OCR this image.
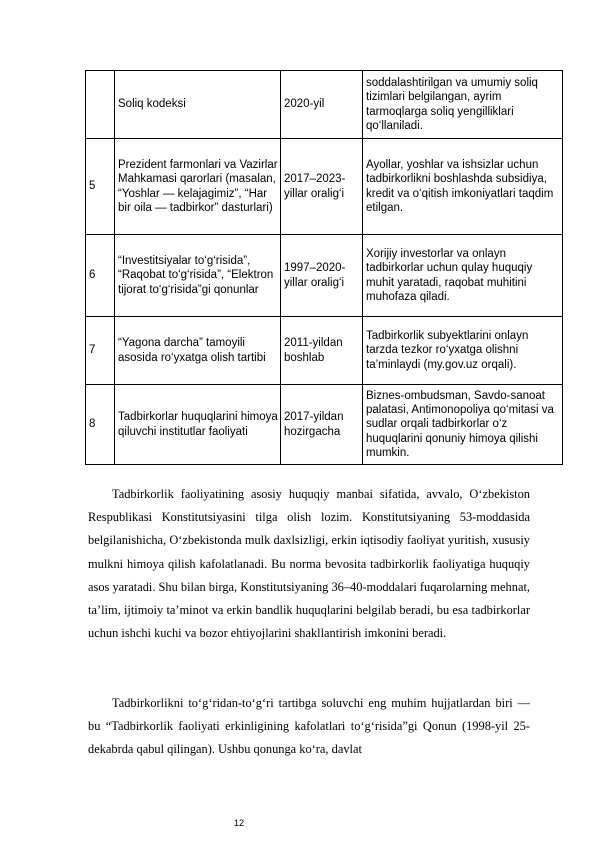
	Soliq kodeksi	2020-yil	soddalashtirilgan va umumiy soliq tizimlari belgilangan, ayrim tarmoqlarga soliq yengilliklari qo‘llaniladi.
5	Prezident farmonlari va Vazirlar Mahkamasi qarorlari (masalan, “Yoshlar — kelajagimiz”, “Har bir oila — tadbirkor” dasturlari)	2017–2023-yillar oralig‘i	Ayollar, yoshlar va ishsizlar uchun tadbirkorlikni boshlashda subsidiya, kredit va o‘qitish imkoniyatlari taqdim etilgan.
6	“Investitsiyalar to‘g‘risida”, “Raqobat to‘g‘risida”, “Elektron tijorat to‘g‘risida”gi qonunlar	1997–2020-yillar oralig‘i	Xorijiy investorlar va onlayn tadbirkorlar uchun qulay huquqiy muhit yaratadi, raqobat muhitini muhofaza qiladi.
7	“Yagona darcha” tamoyili asosida ro‘yxatga olish tartibi	2011-yildan boshlab	Tadbirkorlik subyektlarini onlayn tarzda tezkor ro‘yxatga olishni ta’minlaydi (my.gov.uz orqali).
8	Tadbirkorlar huquqlarini himoya qiluvchi institutlar faoliyati	2017-yildan hozirgacha	Biznes-ombudsman, Savdo-sanoat palatasi, Antimonopoliya qo‘mitasi va sudlar orqali tadbirkorlar o‘z huquqlarini qonuniy himoya qilishi mumkin.

Tadbirkorlik faoliyatining asosiy huquqiy manbai sifatida, avvalo, O‘zbekiston Respublikasi Konstitutsiyasini tilga olish lozim. Konstitutsiyaning 53-moddasida belgilanishicha, O‘zbekistonda mulk daxlsizligi, erkin iqtisodiy faoliyat yuritish, xususiy mulkni himoya qilish kafolatlanadi. Bu norma bevosita tadbirkorlik faoliyatiga huquqiy asos yaratadi. Shu bilan birga, Konstitutsiyaning 36–40-moddalari fuqarolarning mehnat, ta’lim, ijtimoiy ta’minot va erkin bandlik huquqlarini belgilab beradi, bu esa tadbirkorlar uchun ishchi kuchi va bozor ehtiyojlarini shakllantirish imkonini beradi.

Tadbirkorlikni to‘g‘ridan-to‘g‘ri tartibga soluvchi eng muhim hujjatlardan biri — bu “Tadbirkorlik faoliyati erkinligining kafolatlari to‘g‘risida”gi Qonun (1998-yil 25-dekabrda qabul qilingan). Ushbu qonunga ko‘ra, davlat

12
